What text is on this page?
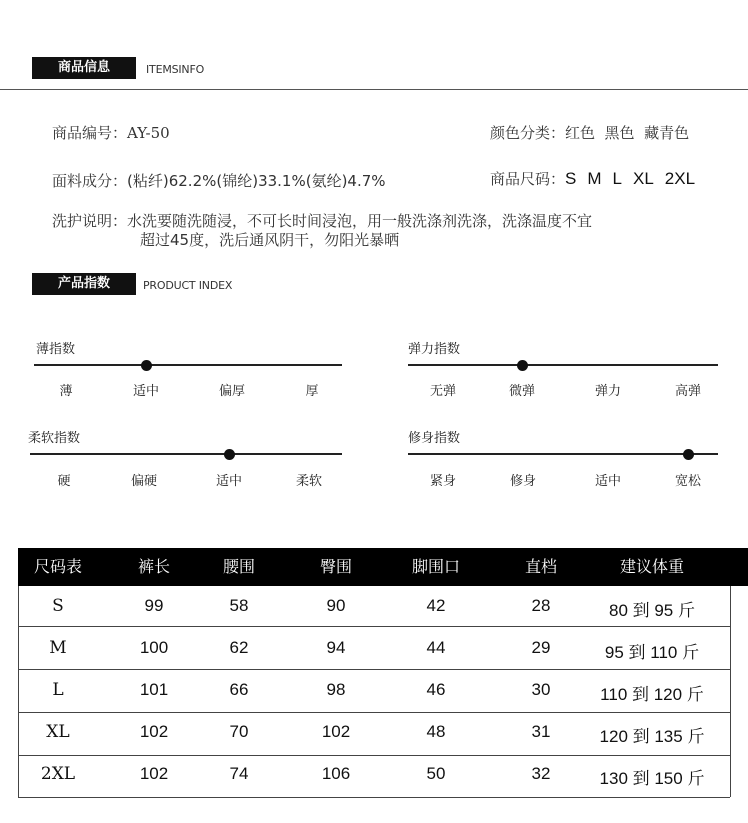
商品信息	ITEMSINFO
商品编号：AY-50	颜色分类：红色  黑色  藏青色
面料成分：(粘纤)62.2%(锦纶)33.1%(氨纶)4.7%	商品尺码：S M L XL 2XL
洗护说明：水洗要随洗随浸，不可长时间浸泡，用一般洗涤剂洗涤，洗涤温度不宜
超过45度，洗后通风阴干，勿阳光暴晒
产品指数	PRODUCT INDEX
薄指数
薄	适中	偏厚	厚
弹力指数
无弹	微弹	弹力	高弹
柔软指数
硬	偏硬	适中	柔软
修身指数
紧身	修身	适中	宽松
尺码表	裤长	腰围	臀围	脚围口	直档	建议体重
S	99	58	90	42	28	80 到 95 斤
M	100	62	94	44	29	95 到 110 斤
L	101	66	98	46	30	110 到 120 斤
XL	102	70	102	48	31	120 到 135 斤
2XL	102	74	106	50	32	130 到 150 斤
